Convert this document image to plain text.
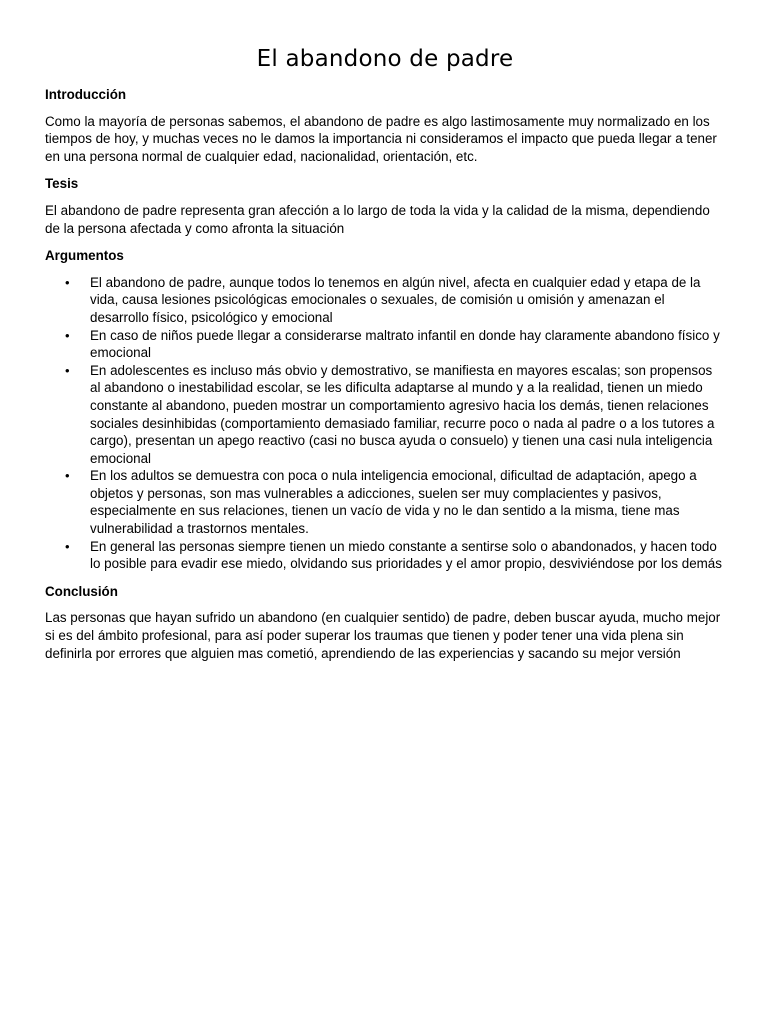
El abandono de padre
Introducción

Como la mayoría de personas sabemos, el abandono de padre es algo lastimosamente muy normalizado en los tiempos de hoy, y muchas veces no le damos la importancia ni consideramos el impacto que pueda llegar a tener en una persona normal de cualquier edad, nacionalidad, orientación, etc.

Tesis

El abandono de padre representa gran afección a lo largo de toda la vida y la calidad de la misma, dependiendo de la persona afectada y como afronta la situación

Argumentos
• El abandono de padre, aunque todos lo tenemos en algún nivel, afecta en cualquier edad y etapa de la vida, causa lesiones psicológicas emocionales o sexuales, de comisión u omisión y amenazan el desarrollo físico, psicológico y emocional
• En caso de niños puede llegar a considerarse maltrato infantil en donde hay claramente abandono físico y emocional
• En adolescentes es incluso más obvio y demostrativo, se manifiesta en mayores escalas; son propensos al abandono o inestabilidad escolar, se les dificulta adaptarse al mundo y a la realidad, tienen un miedo constante al abandono, pueden mostrar un comportamiento agresivo hacia los demás, tienen relaciones sociales desinhibidas (comportamiento demasiado familiar, recurre poco o nada al padre o a los tutores a cargo), presentan un apego reactivo (casi no busca ayuda o consuelo) y tienen una casi nula inteligencia emocional
• En los adultos se demuestra con poca o nula inteligencia emocional, dificultad de adaptación, apego a objetos y personas, son mas vulnerables a adicciones, suelen ser muy complacientes y pasivos, especialmente en sus relaciones, tienen un vacío de vida y no le dan sentido a la misma, tiene mas vulnerabilidad a trastornos mentales.
• En general las personas siempre tienen un miedo constante a sentirse solo o abandonados, y hacen todo lo posible para evadir ese miedo, olvidando sus prioridades y el amor propio, desviviéndose por los demás
Conclusión

Las personas que hayan sufrido un abandono (en cualquier sentido) de padre, deben buscar ayuda, mucho mejor si es del ámbito profesional, para así poder superar los traumas que tienen y poder tener una vida plena sin definirla por errores que alguien mas cometió, aprendiendo de las experiencias y sacando su mejor versión
